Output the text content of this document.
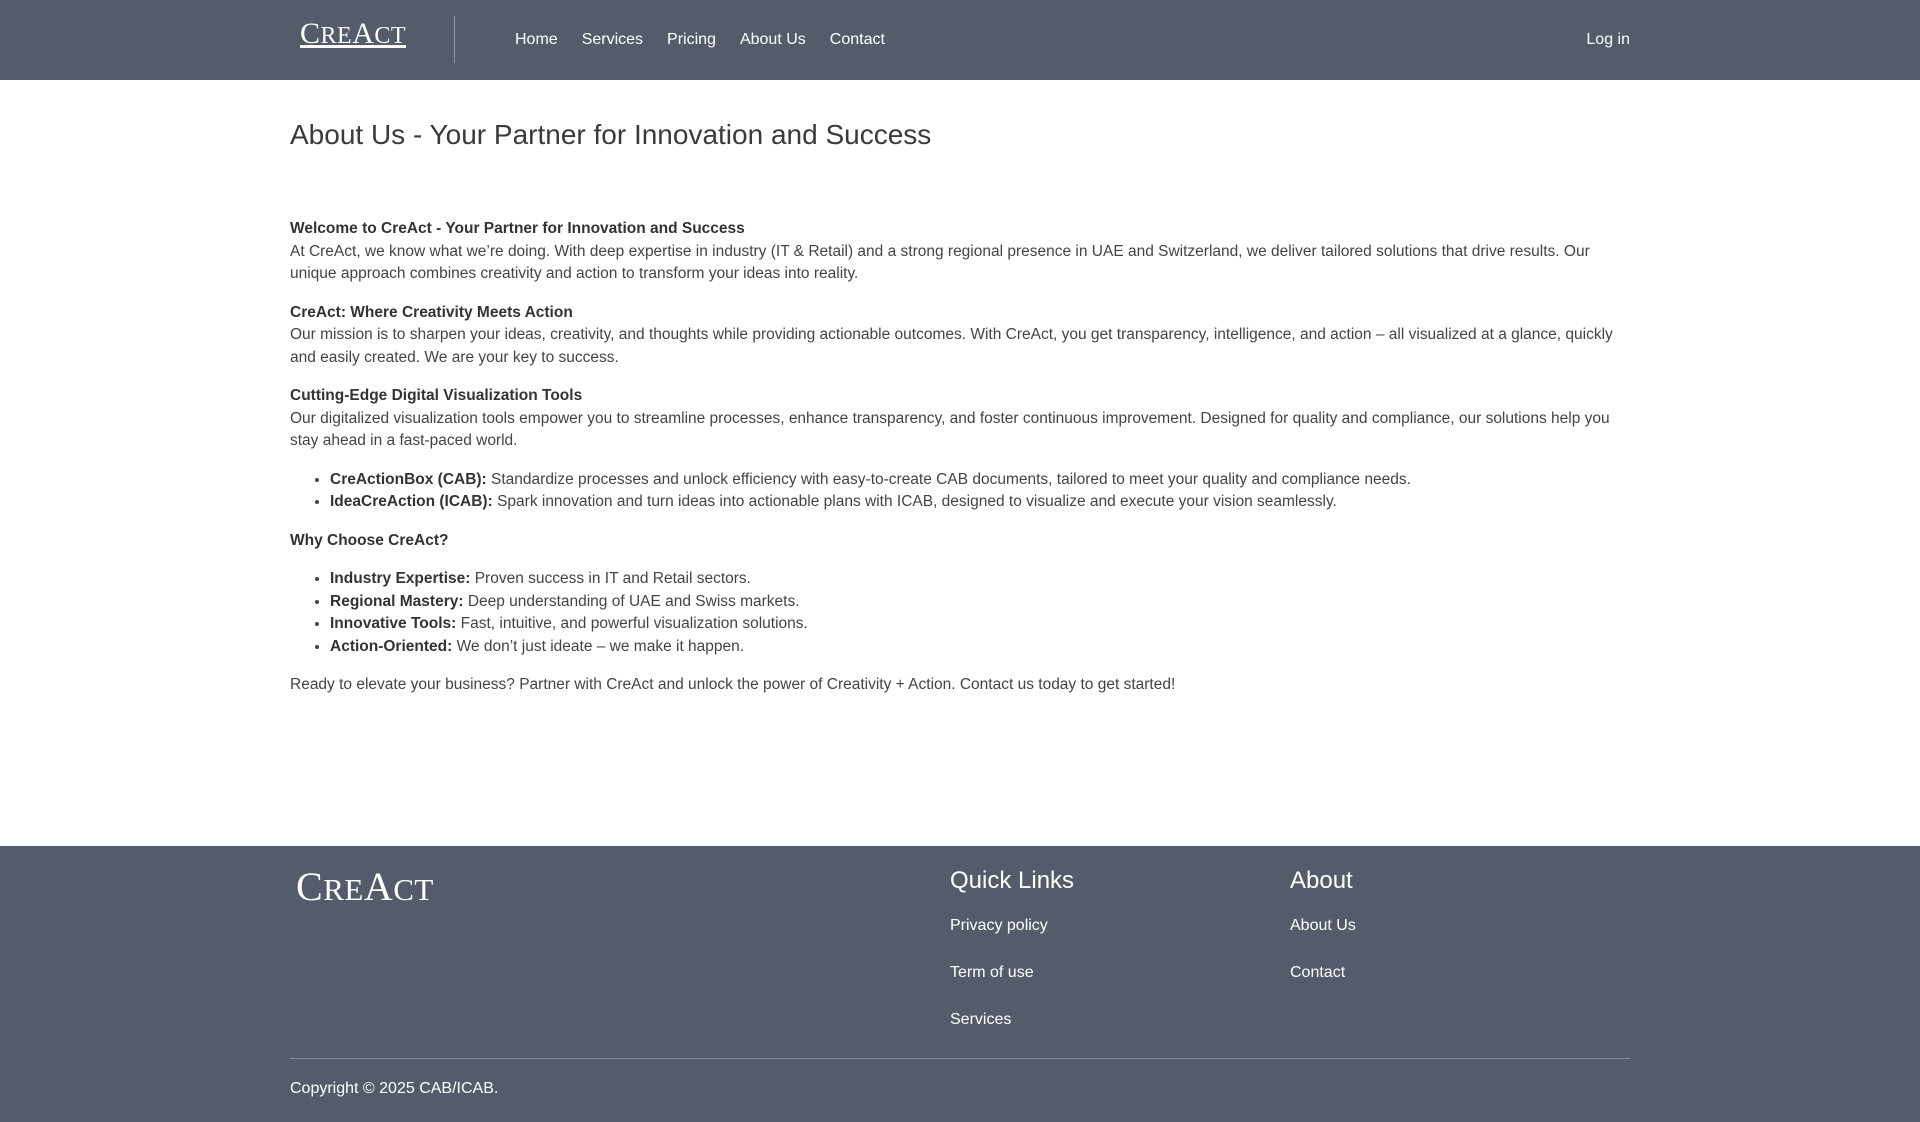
CREACT	Home Services Pricing About Us Contact	Log in
About Us - Your Partner for Innovation and Success
Welcome to CreAct - Your Partner for Innovation and Success

At CreAct, we know what we’re doing. With deep expertise in industry (IT & Retail) and a strong regional presence in UAE and Switzerland, we deliver tailored solutions that drive results. Our unique approach combines creativity and action to transform your ideas into reality.

CreAct: Where Creativity Meets Action

Our mission is to sharpen your ideas, creativity, and thoughts while providing actionable outcomes. With CreAct, you get transparency, intelligence, and action – all visualized at a glance, quickly and easily created. We are your key to success.

Cutting-Edge Digital Visualization Tools

Our digitalized visualization tools empower you to streamline processes, enhance transparency, and foster continuous improvement. Designed for quality and compliance, our solutions help you stay ahead in a fast-paced world.

• CreActionBox (CAB): Standardize processes and unlock efficiency with easy-to-create CAB documents, tailored to meet your quality and compliance needs.
• IdeaCreAction (ICAB): Spark innovation and turn ideas into actionable plans with ICAB, designed to visualize and execute your vision seamlessly.
Why Choose CreAct?
• Industry Expertise: Proven success in IT and Retail sectors.
• Regional Mastery: Deep understanding of UAE and Swiss markets.
• Innovative Tools: Fast, intuitive, and powerful visualization solutions.
• Action-Oriented: We don’t just ideate – we make it happen.

Ready to elevate your business? Partner with CreAct and unlock the power of Creativity + Action. Contact us today to get started!

CREACT	Quick Links
Privacy policy
Term of use
Services
About
About Us
Contact
Copyright © 2025 CAB/ICAB.
